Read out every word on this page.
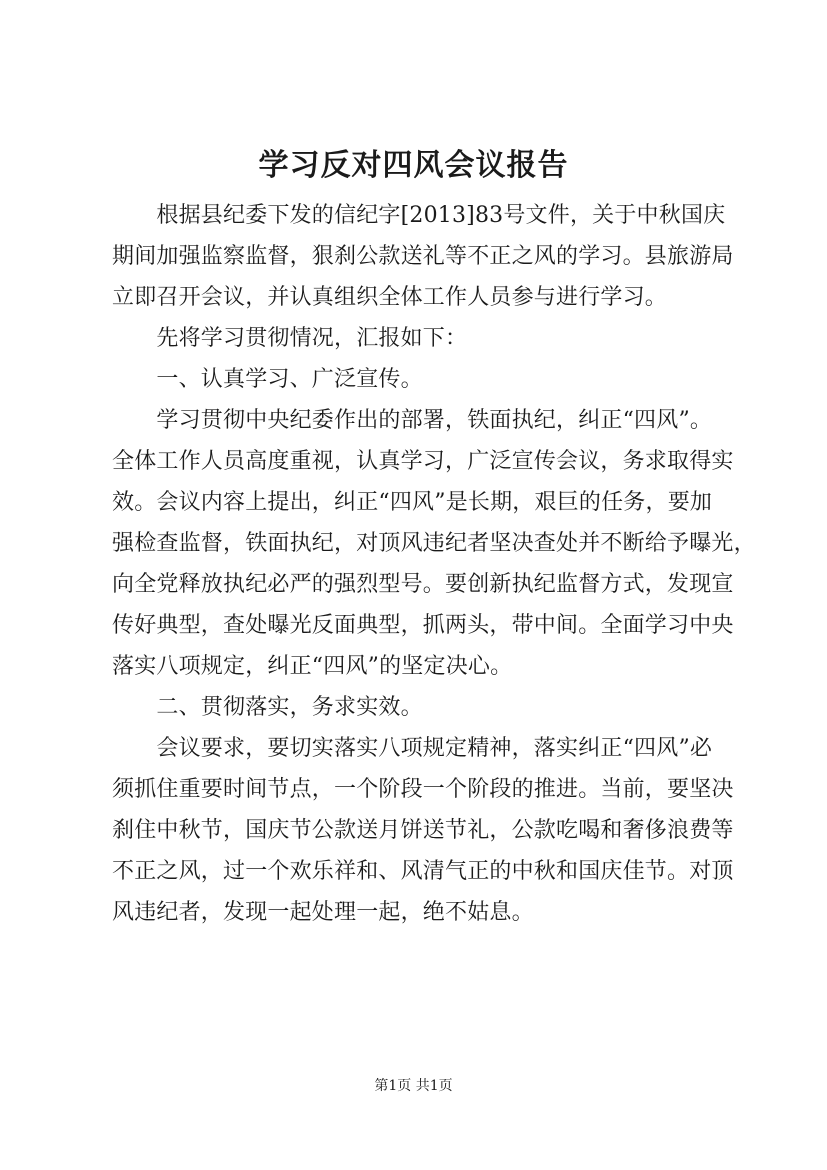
学习反对四风会议报告
　　根据县纪委下发的信纪字[2013]83号文件，关于中秋国庆
期间加强监察监督，狠刹公款送礼等不正之风的学习。县旅游局
立即召开会议，并认真组织全体工作人员参与进行学习。
　　先将学习贯彻情况，汇报如下：
　　一、认真学习、广泛宣传。
　　学习贯彻中央纪委作出的部署，铁面执纪，纠正“四风”。
全体工作人员高度重视，认真学习，广泛宣传会议，务求取得实
效。会议内容上提出，纠正“四风”是长期，艰巨的任务，要加
强检查监督，铁面执纪，对顶风违纪者坚决查处并不断给予曝光，
向全党释放执纪必严的强烈型号。要创新执纪监督方式，发现宣
传好典型，查处曝光反面典型，抓两头，带中间。全面学习中央
落实八项规定，纠正“四风”的坚定决心。
　　二、贯彻落实，务求实效。
　　会议要求，要切实落实八项规定精神，落实纠正“四风”必
须抓住重要时间节点，一个阶段一个阶段的推进。当前，要坚决
刹住中秋节，国庆节公款送月饼送节礼，公款吃喝和奢侈浪费等
不正之风，过一个欢乐祥和、风清气正的中秋和国庆佳节。对顶
风违纪者，发现一起处理一起，绝不姑息。
第1页 共1页
